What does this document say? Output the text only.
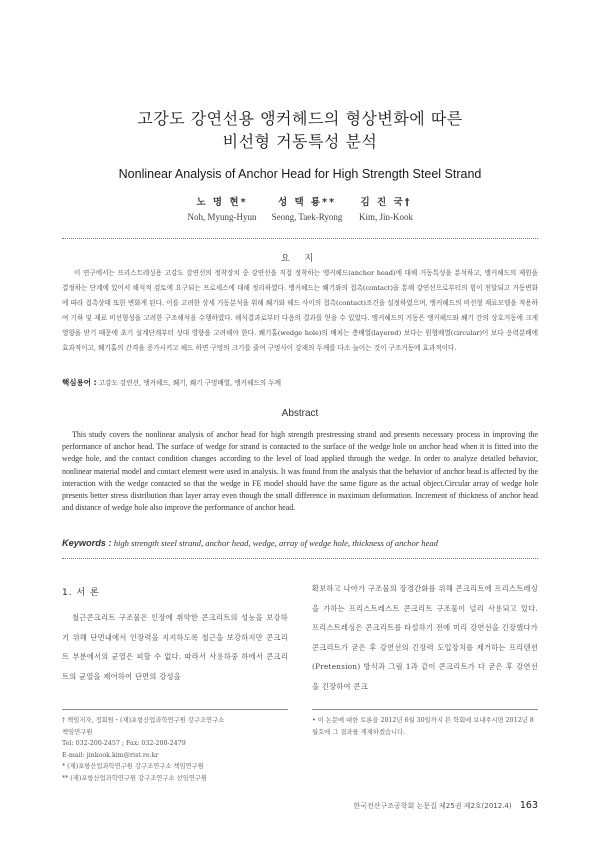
고강도 강연선용 앵커헤드의 형상변화에 따른
비선형 거동특성 분석
Nonlinear Analysis of Anchor Head for High Strength Steel Strand
노 명 현*
Noh, Myung-Hyun
성 택 룡**
Seong, Taek-Ryong
김 진 국†
Kim, Jin-Kook
요 지
이 연구에서는 프리스트레싱용 고강도 강연선의 정착장치 중 강연선을 직접 정착하는 앵커헤드(anchor head)에 대해 거동특성을 분석하고, 앵커헤드의 제원을 결정하는 단계에 있어서 해석적 검토에 요구되는 프로세스에 대해 정리하였다. 앵커헤드는 쐐기와의 접촉(contact)을 통해 강연선으로부터의 힘이 전달되고 거동변화에 따라 접촉상태 또한 변화게 된다. 이를 고려한 상세 거동분석을 위해 쐐기와 헤드 사이의 접촉(contact)조건을 설정하였으며, 앵커헤드의 비선형 재료모델을 적용하여 기하 및 재료 비선형성을 고려한 구조해석을 수행하였다. 해석결과로부터 다음의 결과를 얻을 수 있었다. 앵커헤드의 거동은 앵커헤드와 쐐기 간의 상호거동에 크게 영향을 받기 때문에 초기 설계단계부터 상대 영향을 고려해야 한다. 쐐기홀(wedge hole)의 배치는 층배열(layered) 보다는 원형배열(circular)이 보다 응력분배에 효과적이고, 쐐기홀의 간격을 증가시키고 헤드 하면 구멍의 크기를 줄여 구멍사이 강재의 두께를 다소 늘이는 것이 구조거동에 효과적이다.
핵심용어 : 고강도 강연선, 앵커헤드, 쐐기, 쐐기 구멍배열, 앵커헤드의 두께
Abstract
This study covers the nonlinear analysis of anchor head for high strength prestressing strand and presents necessary process in improving the performance of anchor head. The surface of wedge for strand is contacted to the surface of the wedge hole on anchor head when it is fitted into the wedge hole, and the contact condition changes according to the level of load applied through the wedge. In order to analyze detailed behavior, nonlinear material model and contact element were used in analysis. It was found from the analysis that the behavior of anchor head is affected by the interaction with the wedge contacted so that the wedge in FE model should have the same figure as the actual object.Circular array of wedge hole presents better stress distribution than layer array even though the small difference in maximum deformation. Increment of thickness of anchor head and distance of wedge hole also improve the performance of anchor head.
Keywords : high strength steel strand, anchor head, wedge, array of wedge hole, thickness of anchor head
1. 서 론
철근콘크리트 구조물은 인장에 취약한 콘크리트의 성능을 보강하기 위해 단면내에서 인장력을 지지하도록 철근을 보강하지만 콘크리트 부분에서의 균열은 피할 수 없다. 따라서 사용하중 하에서 콘크리트의 균열을 제어하여 단면의 강성을
확보하고 나아가 구조물의 장경간화를 위해 콘크리트에 프리스트레싱을 가하는 프리스트레스트 콘크리트 구조물이 널리 사용되고 있다. 프리스트레싱은 콘크리트를 타설하기 전에 미리 강연선을 긴장했다가 콘크리트가 굳은 후 강연선의 긴장력 도입장치를 제거하는 프리텐션(Pretension) 방식과 그림 1과 같이 콘크리트가 다 굳은 후 강연선을 긴장하여 콘크
† 책임저자, 정회원・(재)포항산업과학연구원 강구조연구소
책임연구원
Tel: 032-200-2457 ; Fax: 032-200-2479
E-mail: jinkook.kim@rist.re.kr
* (재)포항산업과학연구원 강구조연구소 책임연구원
** (재)포항산업과학연구원 강구조연구소 선임연구원
• 이 논문에 대한 토론을 2012년 6월 30일까지 본 학회에 보내주시면 2012년 8월호에 그 결과를 게재하겠습니다.
한국전산구조공학회 논문집 제25권 제2호(2012.4) 163
